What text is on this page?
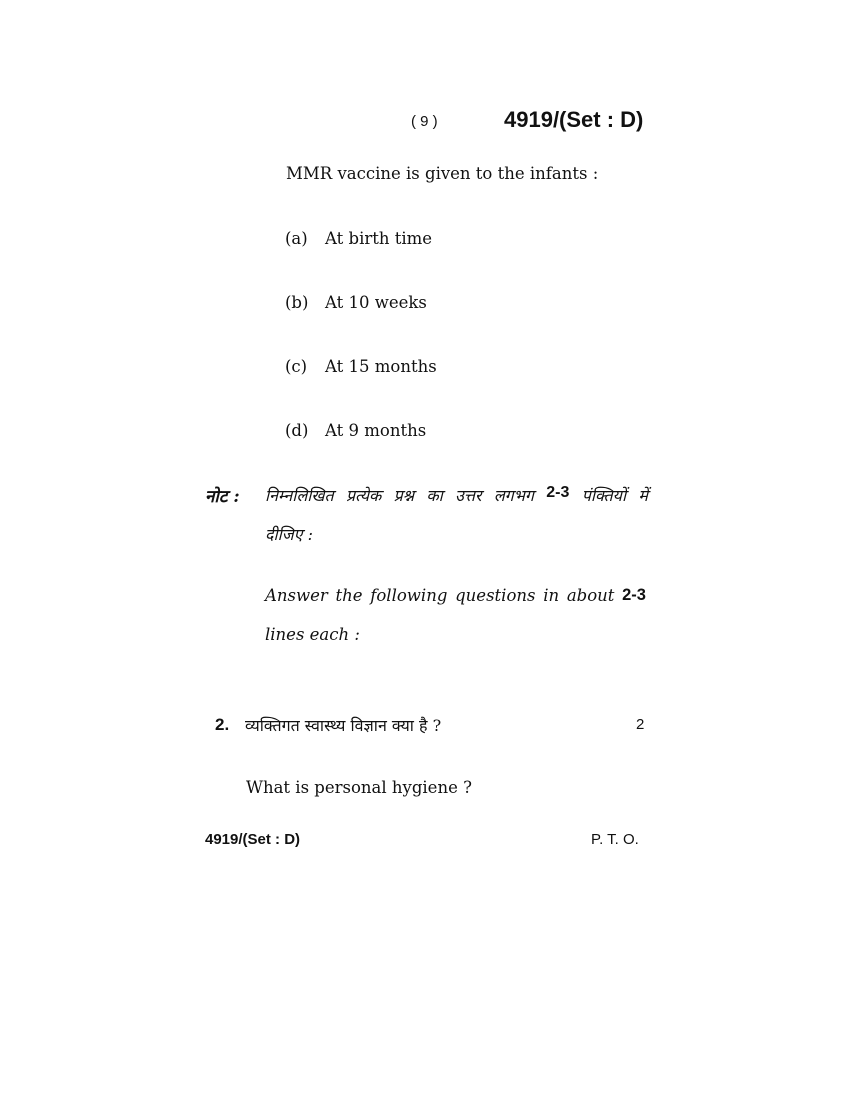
( 9 )	4919/(Set : D)
MMR vaccine is given to the infants :
(a) At birth time
(b) At 10 weeks
(c) At 15 months
(d) At 9 months
नोट : निम्नलिखित प्रत्येक प्रश्न का उत्तर लगभग 2-3 पंक्तियों में
दीजिए :
Answer the following questions in about 2-3
lines each :
2. व्यक्तिगत स्वास्थ्य विज्ञान क्या है ?	2
What is personal hygiene ?
4919/(Set : D)	P. T. O.
